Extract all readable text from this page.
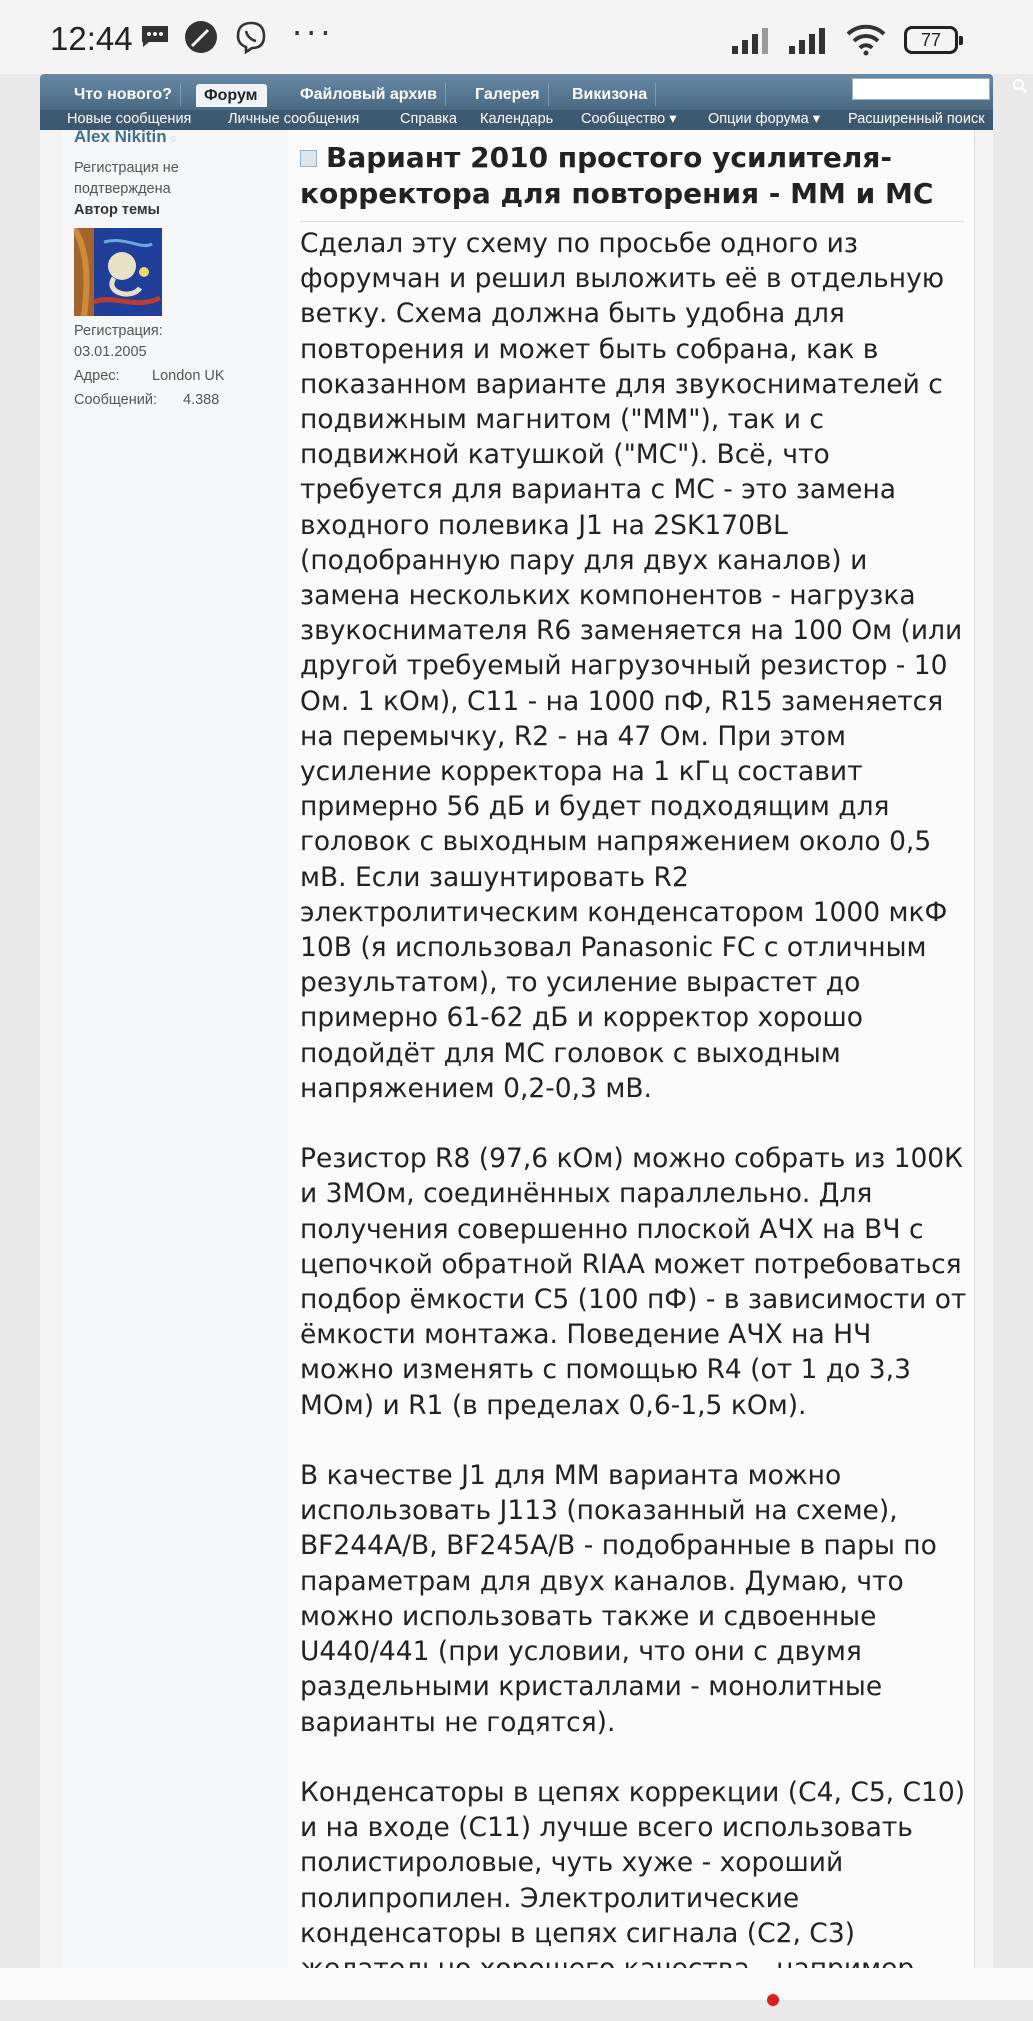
12:44	···	77
Что нового?	Форум	Файловый архив	Галерея	Викизона
Новые сообщения	Личные сообщения	Справка Календарь Сообщество ▾ Опции форума ▾ Расширенный поиск
Alex Nikitin ○
Регистрация не
подтверждена
Автор темы
Регистрация:
03.01.2005
Адрес: London UK
Сообщений: 4.388
Вариант 2010 простого усилителя-корректора для повторения - MM и MC

Сделал эту схему по просьбе одного из форумчан и решил выложить её в отдельную ветку. Схема должна быть удобна для повторения и может быть собрана, как в показанном варианте для звукоснимателей с подвижным магнитом ("ММ"), так и с подвижной катушкой ("МС"). Всё, что требуется для варианта с МС - это замена входного полевика J1 на 2SK170BL (подобранную пару для двух каналов) и замена нескольких компонентов - нагрузка звукоснимателя R6 заменяется на 100 Ом (или другой требуемый нагрузочный резистор - 10 Ом. 1 кОм), С11 - на 1000 пФ, R15 заменяется на перемычку, R2 - на 47 Ом. При этом усиление корректора на 1 кГц составит примерно 56 дБ и будет подходящим для головок с выходным напряжением около 0,5 мВ. Если зашунтировать R2 электролитическим конденсатором 1000 мкФ 10В (я использовал Panasonic FC с отличным результатом), то усиление вырастет до примерно 61-62 дБ и корректор хорошо подойдёт для МС головок с выходным напряжением 0,2-0,3 мВ.

Резистор R8 (97,6 кОм) можно собрать из 100К и 3МОм, соединённых параллельно. Для получения совершенно плоской АЧХ на ВЧ с цепочкой обратной RIAA может потребоваться подбор ёмкости С5 (100 пФ) - в зависимости от ёмкости монтажа. Поведение АЧХ на НЧ можно изменять с помощью R4 (от 1 до 3,3 МОм) и R1 (в пределах 0,6-1,5 кОм).

В качестве J1 для ММ варианта можно использовать J113 (показанный на схеме), BF244A/B, BF245A/B - подобранные в пары по параметрам для двух каналов. Думаю, что можно использовать также и сдвоенные U440/441 (при условии, что они с двумя раздельными кристаллами - монолитные варианты не годятся).

Конденсаторы в цепях коррекции (С4, С5, С10) и на входе (С11) лучше всего использовать полистироловые, чуть хуже - хороший полипропилен. Электролитические конденсаторы в цепях сигнала (С2, С3)
